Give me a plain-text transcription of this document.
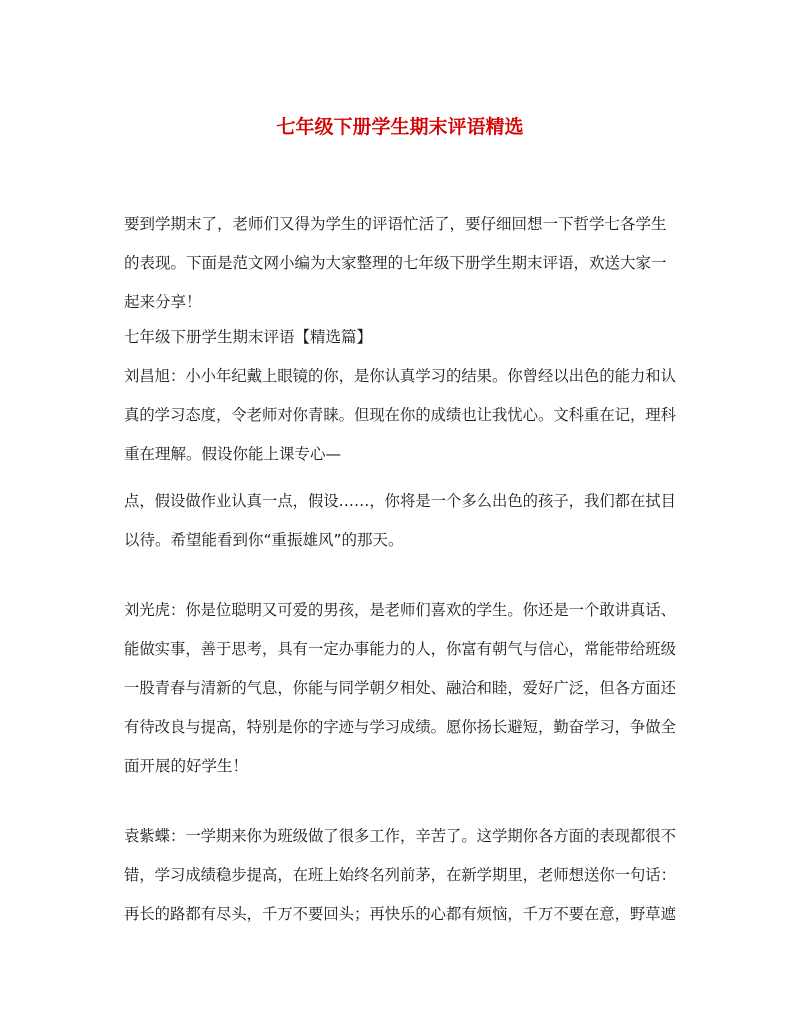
七年级下册学生期末评语精选
要到学期末了，老师们又得为学生的评语忙活了，要仔细回想一下哲学七各学生
的表现。下面是范文网小编为大家整理的七年级下册学生期末评语，欢送大家一
起来分享！
七年级下册学生期末评语【精选篇】
刘昌旭：小小年纪戴上眼镜的你，是你认真学习的结果。你曾经以出色的能力和认
真的学习态度，令老师对你青睐。但现在你的成绩也让我忧心。文科重在记，理科
重在理解。假设你能上课专心—
点，假设做作业认真一点，假设……，你将是一个多么出色的孩子，我们都在拭目
以待。希望能看到你“重振雄风”的那天。
刘光虎：你是位聪明又可爱的男孩，是老师们喜欢的学生。你还是一个敢讲真话、
能做实事，善于思考，具有一定办事能力的人，你富有朝气与信心，常能带给班级
一股青春与清新的气息，你能与同学朝夕相处、融洽和睦，爱好广泛，但各方面还
有待改良与提高，特别是你的字迹与学习成绩。愿你扬长避短，勤奋学习，争做全
面开展的好学生！
袁紫蝶：一学期来你为班级做了很多工作，辛苦了。这学期你各方面的表现都很不
错，学习成绩稳步提高，在班上始终名列前茅，在新学期里，老师想送你一句话：
再长的路都有尽头，千万不要回头；再快乐的心都有烦恼，千万不要在意，野草遮
